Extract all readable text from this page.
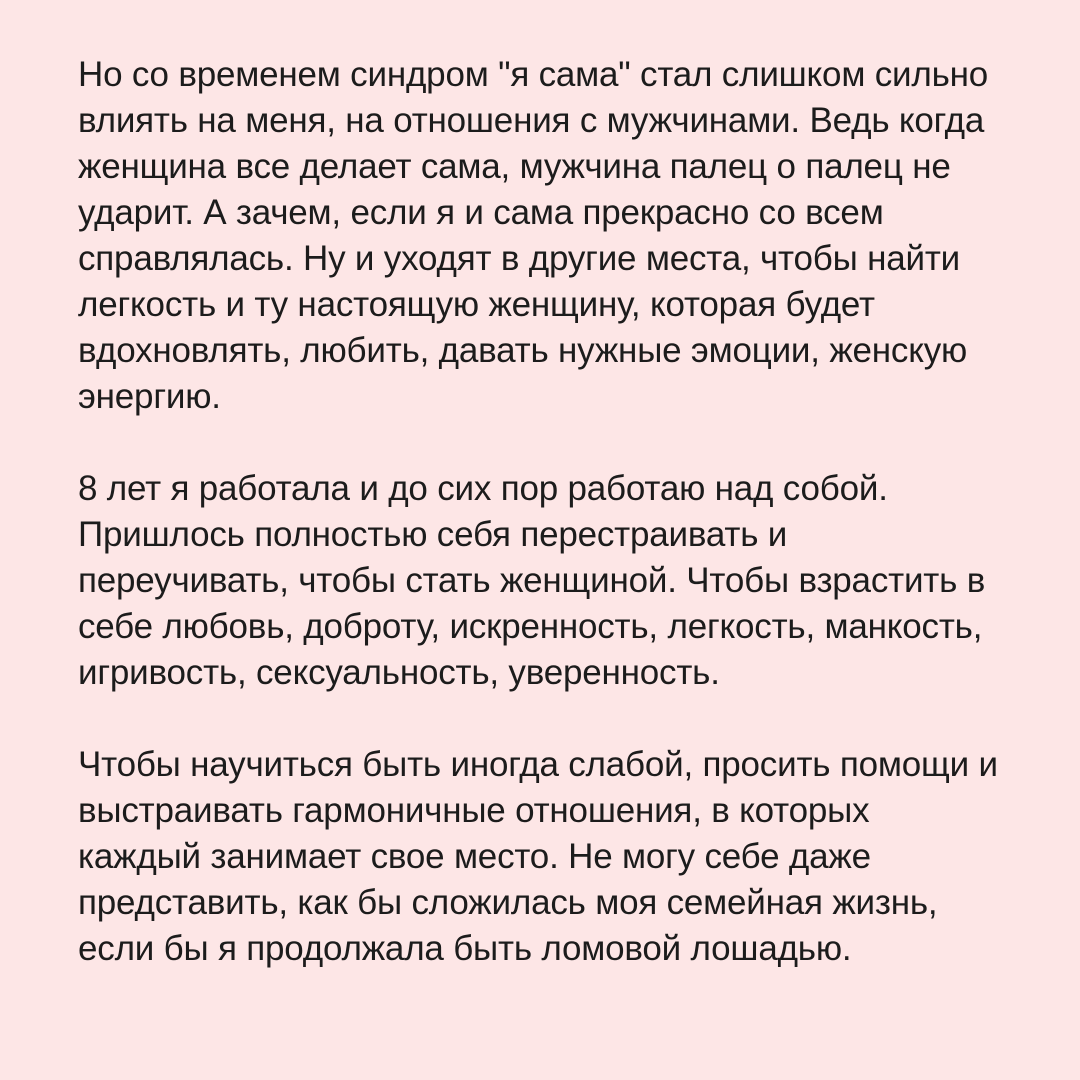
Но со временем синдром "я сама" стал слишком сильно
влиять на меня, на отношения с мужчинами. Ведь когда
женщина все делает сама, мужчина палец о палец не
ударит. А зачем, если я и сама прекрасно со всем
справлялась. Ну и уходят в другие места, чтобы найти
легкость и ту настоящую женщину, которая будет
вдохновлять, любить, давать нужные эмоции, женскую
энергию.

8 лет я работала и до сих пор работаю над собой.
Пришлось полностью себя перестраивать и
переучивать, чтобы стать женщиной. Чтобы взрастить в
себе любовь, доброту, искренность, легкость, манкость,
игривость, сексуальность, уверенность.

Чтобы научиться быть иногда слабой, просить помощи и
выстраивать гармоничные отношения, в которых
каждый занимает свое место. Не могу себе даже
представить, как бы сложилась моя семейная жизнь,
если бы я продолжала быть ломовой лошадью.
